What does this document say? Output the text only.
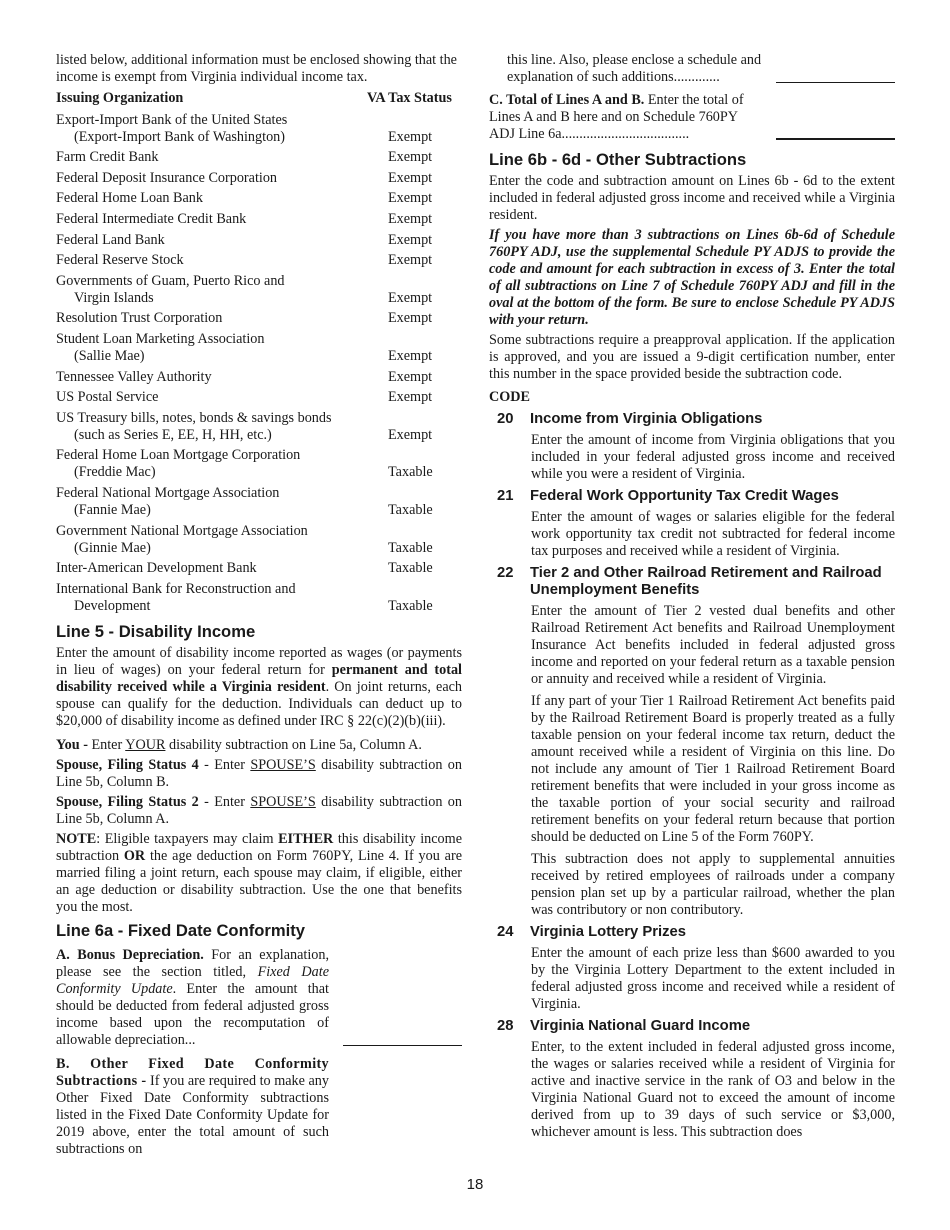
listed below, additional information must be enclosed showing that the income is exempt from Virginia individual income tax.

Issuing Organization	VA Tax Status
Export-Import Bank of the United States
(Export-Import Bank of Washington)	Exempt
Farm Credit Bank	Exempt
Federal Deposit Insurance Corporation	Exempt
Federal Home Loan Bank	Exempt
Federal Intermediate Credit Bank	Exempt
Federal Land Bank	Exempt
Federal Reserve Stock	Exempt
Governments of Guam, Puerto Rico and
Virgin Islands	Exempt
Resolution Trust Corporation	Exempt
Student Loan Marketing Association
(Sallie Mae)	Exempt
Tennessee Valley Authority	Exempt
US Postal Service	Exempt
US Treasury bills, notes, bonds & savings bonds
(such as Series E, EE, H, HH, etc.)	Exempt
Federal Home Loan Mortgage Corporation
(Freddie Mac)	Taxable
Federal National Mortgage Association
(Fannie Mae)	Taxable
Government National Mortgage Association
(Ginnie Mae)	Taxable
Inter-American Development Bank	Taxable
International Bank for Reconstruction and
Development	Taxable
Line 5 - Disability Income

Enter the amount of disability income reported as wages (or payments in lieu of wages) on your federal return for permanent and total disability received while a Virginia resident. On joint returns, each spouse can qualify for the deduction. Individuals can deduct up to $20,000 of disability income as defined under IRC § 22(c)(2)(b)(iii).

You - Enter YOUR disability subtraction on Line 5a, Column A.

Spouse, Filing Status 4 - Enter SPOUSE’S disability subtraction on Line 5b, Column B.

Spouse, Filing Status 2 - Enter SPOUSE’S disability subtraction on Line 5b, Column A.

NOTE: Eligible taxpayers may claim EITHER this disability income subtraction OR the age deduction on Form 760PY, Line 4. If you are married filing a joint return, each spouse may claim, if eligible, either an age deduction or disability subtraction. Use the one that benefits you the most.

Line 6a - Fixed Date Conformity

A. Bonus Depreciation. For an explanation, please see the section titled, Fixed Date Conformity Update. Enter the amount that should be deducted from federal adjusted gross income based upon the recomputation of allowable depreciation...

B. Other Fixed Date Conformity Subtractions - If you are required to make any Other Fixed Date Conformity subtractions listed in the Fixed Date Conformity Update for 2019 above, enter the total amount of such subtractions on

this line. Also, please enclose a schedule and explanation of such additions.............

C. Total of Lines A and B. Enter the total of Lines A and B here and on Schedule 760PY ADJ Line 6a....................................

Line 6b - 6d - Other Subtractions

Enter the code and subtraction amount on Lines 6b - 6d to the extent included in federal adjusted gross income and received while a Virginia resident.

If you have more than 3 subtractions on Lines 6b-6d of Schedule 760PY ADJ, use the supplemental Schedule PY ADJS to provide the code and amount for each subtraction in excess of 3. Enter the total of all subtractions on Line 7 of Schedule 760PY ADJ and fill in the oval at the bottom of the form. Be sure to enclose Schedule PY ADJS with your return.

Some subtractions require a preapproval application. If the application is approved, and you are issued a 9-digit certification number, enter this number in the space provided beside the subtraction code.

CODE

20	Income from Virginia Obligations

Enter the amount of income from Virginia obligations that you included in your federal adjusted gross income and received while you were a resident of Virginia.

21	Federal Work Opportunity Tax Credit Wages

Enter the amount of wages or salaries eligible for the federal work opportunity tax credit not subtracted for federal income tax purposes and received while a resident of Virginia.

22	Tier 2 and Other Railroad Retirement and Railroad
Unemployment Benefits

Enter the amount of Tier 2 vested dual benefits and other Railroad Retirement Act benefits and Railroad Unemployment Insurance Act benefits included in federal adjusted gross income and reported on your federal return as a taxable pension or annuity and received while a resident of Virginia.

If any part of your Tier 1 Railroad Retirement Act benefits paid by the Railroad Retirement Board is properly treated as a fully taxable pension on your federal income tax return, deduct the amount received while a resident of Virginia on this line. Do not include any amount of Tier 1 Railroad Retirement Board retirement benefits that were included in your gross income as the taxable portion of your social security and railroad retirement benefits on your federal return because that portion should be deducted on Line 5 of the Form 760PY.

This subtraction does not apply to supplemental annuities received by retired employees of railroads under a company pension plan set up by a particular railroad, whether the plan was contributory or non contributory.

24	Virginia Lottery Prizes

Enter the amount of each prize less than $600 awarded to you by the Virginia Lottery Department to the extent included in federal adjusted gross income and received while a resident of Virginia.

28	Virginia National Guard Income

Enter, to the extent included in federal adjusted gross income, the wages or salaries received while a resident of Virginia for active and inactive service in the rank of O3 and below in the Virginia National Guard not to exceed the amount of income derived from up to 39 days of such service or $3,000, whichever amount is less. This subtraction does

18
